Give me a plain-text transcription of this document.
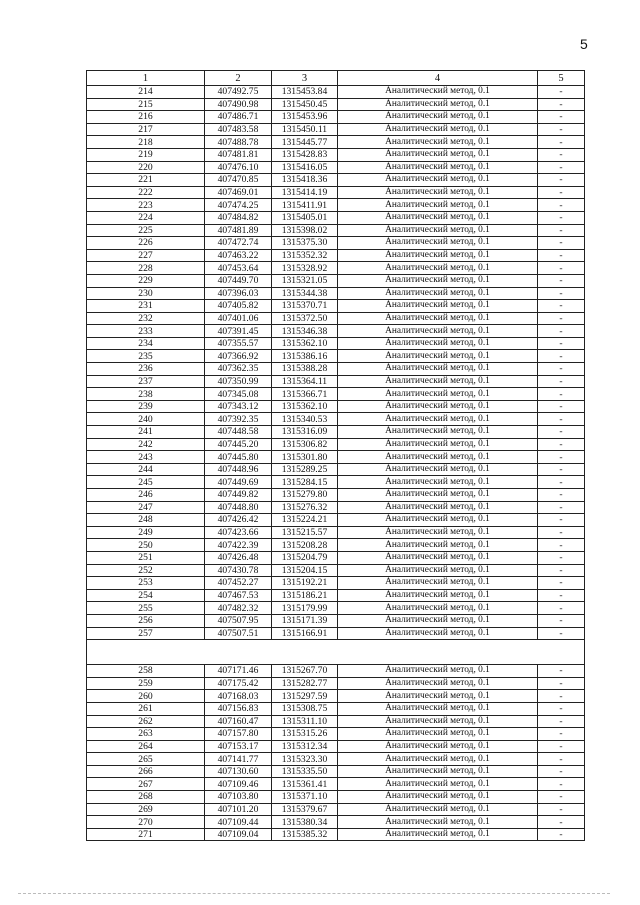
5
1	2	3	4	5
214	407492.75	1315453.84	Аналитический метод, 0.1	-
215	407490.98	1315450.45	Аналитический метод, 0.1	-
216	407486.71	1315453.96	Аналитический метод, 0.1	-
217	407483.58	1315450.11	Аналитический метод, 0.1	-
218	407488.78	1315445.77	Аналитический метод, 0.1	-
219	407481.81	1315428.83	Аналитический метод, 0.1	-
220	407476.10	1315416.05	Аналитический метод, 0.1	-
221	407470.85	1315418.36	Аналитический метод, 0.1	-
222	407469.01	1315414.19	Аналитический метод, 0.1	-
223	407474.25	1315411.91	Аналитический метод, 0.1	-
224	407484.82	1315405.01	Аналитический метод, 0.1	-
225	407481.89	1315398.02	Аналитический метод, 0.1	-
226	407472.74	1315375.30	Аналитический метод, 0.1	-
227	407463.22	1315352.32	Аналитический метод, 0.1	-
228	407453.64	1315328.92	Аналитический метод, 0.1	-
229	407449.70	1315321.05	Аналитический метод, 0.1	-
230	407396.03	1315344.38	Аналитический метод, 0.1	-
231	407405.82	1315370.71	Аналитический метод, 0.1	-
232	407401.06	1315372.50	Аналитический метод, 0.1	-
233	407391.45	1315346.38	Аналитический метод, 0.1	-
234	407355.57	1315362.10	Аналитический метод, 0.1	-
235	407366.92	1315386.16	Аналитический метод, 0.1	-
236	407362.35	1315388.28	Аналитический метод, 0.1	-
237	407350.99	1315364.11	Аналитический метод, 0.1	-
238	407345.08	1315366.71	Аналитический метод, 0.1	-
239	407343.12	1315362.10	Аналитический метод, 0.1	-
240	407392.35	1315340.53	Аналитический метод, 0.1	-
241	407448.58	1315316.09	Аналитический метод, 0.1	-
242	407445.20	1315306.82	Аналитический метод, 0.1	-
243	407445.80	1315301.80	Аналитический метод, 0.1	-
244	407448.96	1315289.25	Аналитический метод, 0.1	-
245	407449.69	1315284.15	Аналитический метод, 0.1	-
246	407449.82	1315279.80	Аналитический метод, 0.1	-
247	407448.80	1315276.32	Аналитический метод, 0.1	-
248	407426.42	1315224.21	Аналитический метод, 0.1	-
249	407423.66	1315215.57	Аналитический метод, 0.1	-
250	407422.39	1315208.28	Аналитический метод, 0.1	-
251	407426.48	1315204.79	Аналитический метод, 0.1	-
252	407430.78	1315204.15	Аналитический метод, 0.1	-
253	407452.27	1315192.21	Аналитический метод, 0.1	-
254	407467.53	1315186.21	Аналитический метод, 0.1	-
255	407482.32	1315179.99	Аналитический метод, 0.1	-
256	407507.95	1315171.39	Аналитический метод, 0.1	-
257	407507.51	1315166.91	Аналитический метод, 0.1	-

258	407171.46	1315267.70	Аналитический метод, 0.1	-
259	407175.42	1315282.77	Аналитический метод, 0.1	-
260	407168.03	1315297.59	Аналитический метод, 0.1	-
261	407156.83	1315308.75	Аналитический метод, 0.1	-
262	407160.47	1315311.10	Аналитический метод, 0.1	-
263	407157.80	1315315.26	Аналитический метод, 0.1	-
264	407153.17	1315312.34	Аналитический метод, 0.1	-
265	407141.77	1315323.30	Аналитический метод, 0.1	-
266	407130.60	1315335.50	Аналитический метод, 0.1	-
267	407109.46	1315361.41	Аналитический метод, 0.1	-
268	407103.80	1315371.10	Аналитический метод, 0.1	-
269	407101.20	1315379.67	Аналитический метод, 0.1	-
270	407109.44	1315380.34	Аналитический метод, 0.1	-
271	407109.04	1315385.32	Аналитический метод, 0.1	-
